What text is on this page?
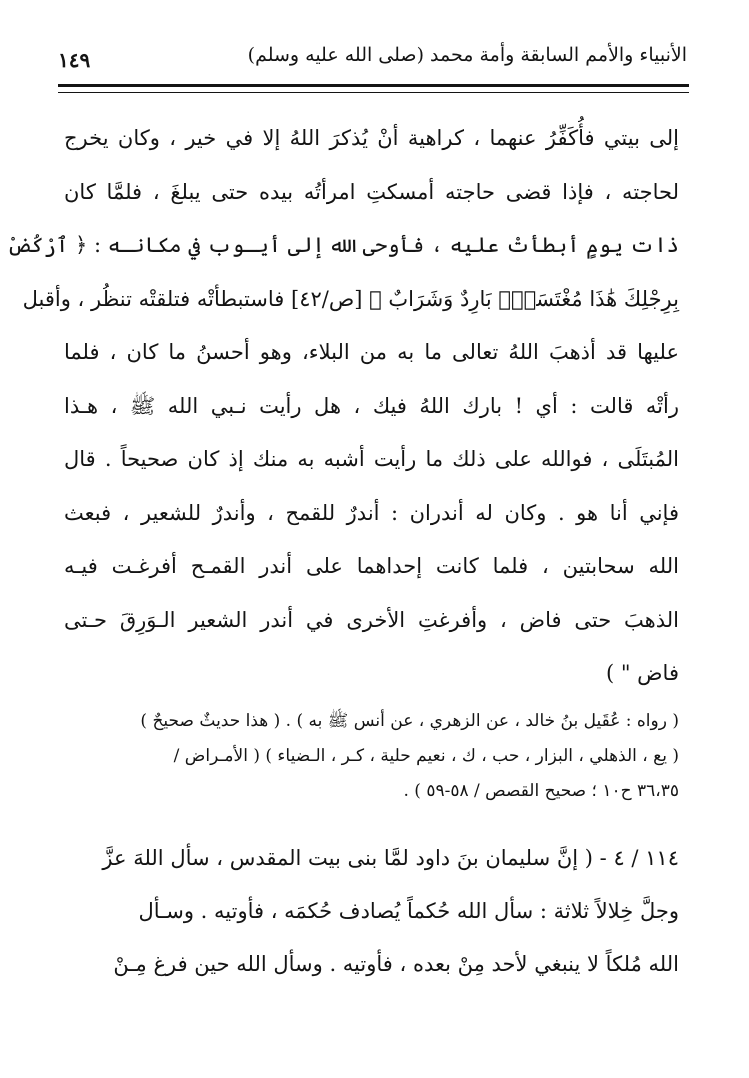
الأنبياء والأمم السابقة وأمة محمد (صلى الله عليه وسلم)
١٤٩
إلى بيتي فأُكَفِّرُ عنهما ، كراهية أنْ يُذكرَ اللهُ إلا في خير ، وكان يخرج
لحاجته ، فإذا قضى حاجته أمسكتِ امرأتُه بيده حتى يبلغَ ، فلمَّا كان
ذات يومٍ أبطأتْ عليه ، فأوحى الله إلى أيـوب في مكانـه : ﴿ ٱرْكُضْ
بِرِجْلِكَ هَٰذَا مُغْتَسَلٌۢ بَارِدٌ وَشَرَابٌ ﴾ [ص/٤٢] فاستبطأتْه فتلقتْه تنظُر ، وأقبل
عليها قد أذهبَ اللهُ تعالى ما به من البلاء، وهو أحسنُ ما كان ، فلما
رأتْه قالت : أي ! بارك اللهُ فيك ، هل رأيت نـبي الله ﷺ ، هـذا
المُبتَلَى ، فوالله على ذلك ما رأيت أشبه به منك إذ كان صحيحاً . قال
فإني أنا هو . وكان له أندران : أندرٌ للقمح ، وأندرٌ للشعير ، فبعث
الله سحابتين ، فلما كانت إحداهما على أندر القمـح أفرغـت فيـه
الذهبَ حتى فاض ، وأفرغتِ الأخرى في أندر الشعير الـوَرِقَ حـتى
فاض " )
( رواه : عُقَيل بنُ خالد ، عن الزهري ، عن أنس ﷺ به ) . ( هذا حديثٌ صحيحٌ )
( يع ، الذهلي ، البزار ، حب ، ك ، نعيم حلية ، كـر ، الـضياء ) ( الأمـراض /
٣٦،٣٥ ح١٠ ؛ صحيح القصص / ٥٨-٥٩ ) .
١١٤ / ٤ - ( إنَّ سليمان بنَ داود لمَّا بنى بيت المقدس ، سأل اللهَ عزَّ
وجلَّ خِلالاً ثلاثة : سأل الله حُكماً يُصادف حُكمَه ، فأوتيه . وسـأل
الله مُلكاً لا ينبغي لأحد مِنْ بعده ، فأوتيه . وسأل الله حين فرغ مِـنْ
